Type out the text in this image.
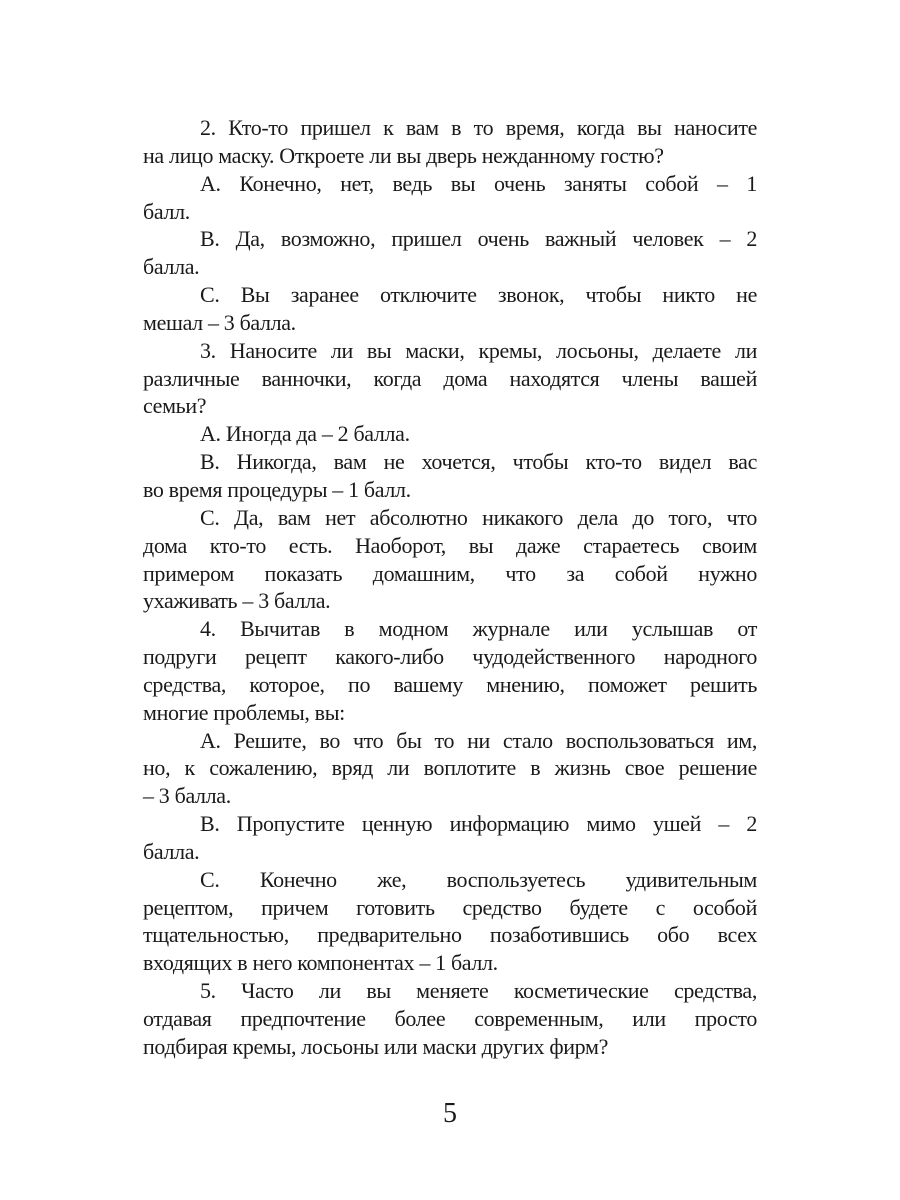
2. Кто-то пришел к вам в то время, когда вы наносите
на лицо маску. Откроете ли вы дверь нежданному гостю?
А. Конечно, нет, ведь вы очень заняты собой – 1
балл.
В. Да, возможно, пришел очень важный человек – 2
балла.
С. Вы заранее отключите звонок, чтобы никто не
мешал – 3 балла.
3. Наносите ли вы маски, кремы, лосьоны, делаете ли
различные ванночки, когда дома находятся члены вашей
семьи?
А. Иногда да – 2 балла.
В. Никогда, вам не хочется, чтобы кто-то видел вас
во время процедуры – 1 балл.
С. Да, вам нет абсолютно никакого дела до того, что
дома кто-то есть. Наоборот, вы даже стараетесь своим
примером показать домашним, что за собой нужно
ухаживать – 3 балла.
4. Вычитав в модном журнале или услышав от
подруги рецепт какого-либо чудодейственного народного
средства, которое, по вашему мнению, поможет решить
многие проблемы, вы:
А. Решите, во что бы то ни стало воспользоваться им,
но, к сожалению, вряд ли воплотите в жизнь свое решение
– 3 балла.
В. Пропустите ценную информацию мимо ушей – 2
балла.
С. Конечно же, воспользуетесь удивительным
рецептом, причем готовить средство будете с особой
тщательностью, предварительно позаботившись обо всех
входящих в него компонентах – 1 балл.
5. Часто ли вы меняете косметические средства,
отдавая предпочтение более современным, или просто
подбирая кремы, лосьоны или маски других фирм?
5
